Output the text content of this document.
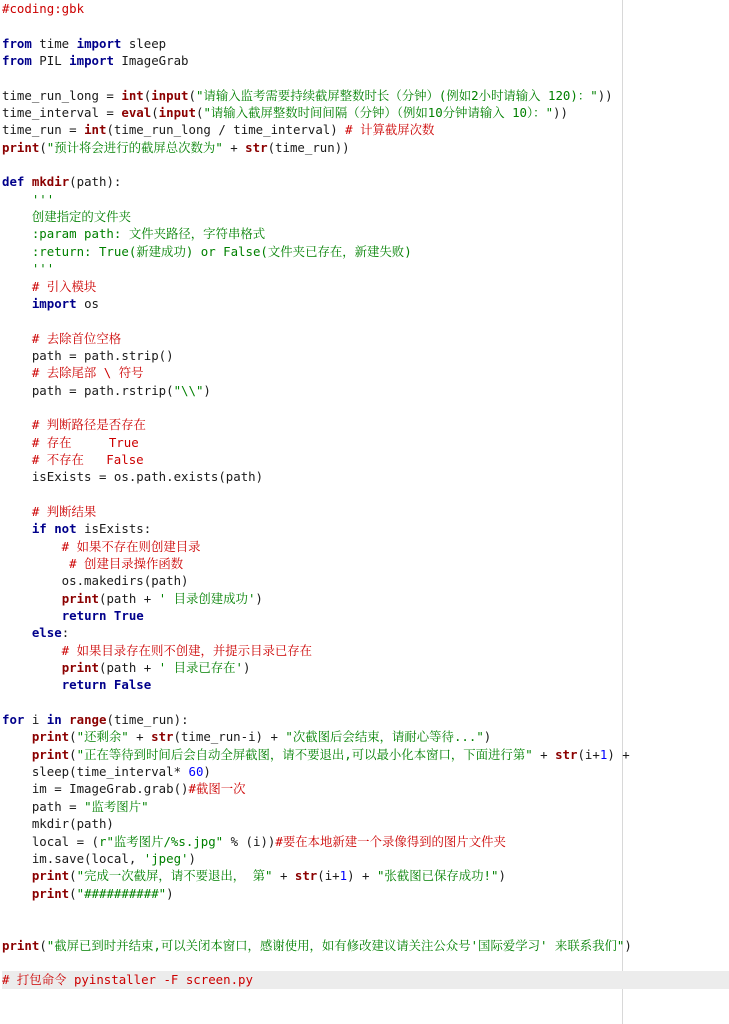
#coding:gbk

from time import sleep
from PIL import ImageGrab

time_run_long = int(input("请输入监考需要持续截屏整数时长（分钟）(例如2小时请输入 120)："))
time_interval = eval(input("请输入截屏整数时间间隔（分钟）（例如10分钟请输入 10）："))
time_run = int(time_run_long / time_interval) # 计算截屏次数
print("预计将会进行的截屏总次数为" + str(time_run))

def mkdir(path):
'''
创建指定的文件夹
:param path: 文件夹路径，字符串格式
:return: True(新建成功) or False(文件夹已存在，新建失败)
'''
# 引入模块
import os

# 去除首位空格
path = path.strip()
# 去除尾部 \ 符号
path = path.rstrip("\\")

# 判断路径是否存在
# 存在     True
# 不存在   False
isExists = os.path.exists(path)

# 判断结果
if not isExists:
# 如果不存在则创建目录
# 创建目录操作函数
os.makedirs(path)
print(path + ' 目录创建成功')
return True
else:
# 如果目录存在则不创建，并提示目录已存在
print(path + ' 目录已存在')
return False

for i in range(time_run):
print("还剩余" + str(time_run-i) + "次截图后会结束，请耐心等待...")
print("正在等待到时间后会自动全屏截图，请不要退出,可以最小化本窗口，下面进行第" + str(i+1) +
sleep(time_interval* 60)
im = ImageGrab.grab()#截图一次
path = "监考图片"
mkdir(path)
local = (r"监考图片/%s.jpg" % (i))#要在本地新建一个录像得到的图片文件夹
im.save(local, 'jpeg')
print("完成一次截屏，请不要退出， 第" + str(i+1) + "张截图已保存成功!")
print("##########")

print("截屏已到时并结束,可以关闭本窗口，感谢使用，如有修改建议请关注公众号'国际爱学习' 来联系我们")

# 打包命令 pyinstaller -F screen.py
